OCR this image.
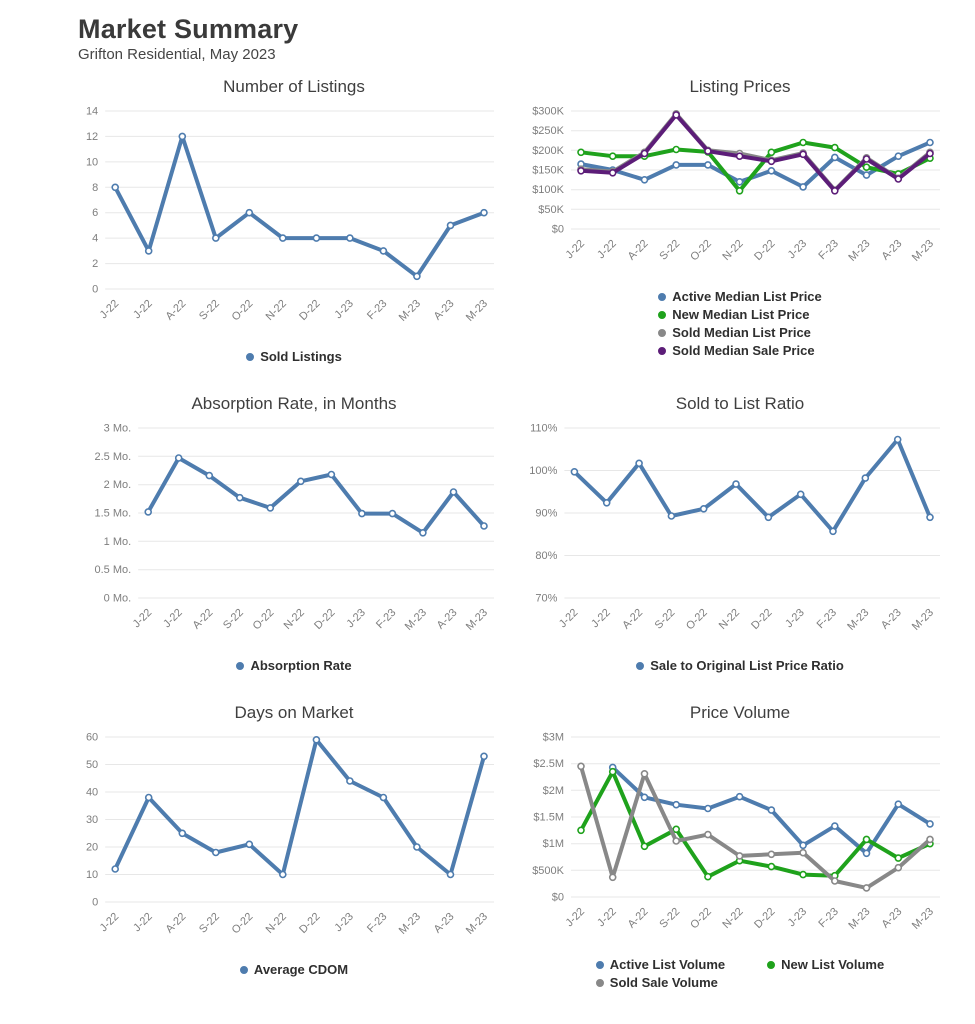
Market Summary
Grifton Residential, May 2023
Number of Listings
0
2
4
6
8
10
12
14
J-22 J-22 A-22 S-22 O-22 N-22 D-22 J-23 F-23 M-23 A-23 M-23
Sold Listings
Listing Prices
$0
$50K
$100K
$150K
$200K
$250K
$300K
J-22 J-22 A-22 S-22 O-22 N-22 D-22 J-23 F-23 M-23 A-23 M-23
Active Median List Price
New Median List Price
Sold Median List Price
Sold Median Sale Price
Absorption Rate, in Months
0 Mo.
0.5 Mo.
1 Mo.
1.5 Mo.
2 Mo.
2.5 Mo.
3 Mo.
J-22 J-22 A-22 S-22 O-22 N-22 D-22 J-23 F-23 M-23 A-23 M-23
Absorption Rate
Sold to List Ratio
70%
80%
90%
100%
110%
J-22 J-22 A-22 S-22 O-22 N-22 D-22 J-23 F-23 M-23 A-23 M-23
Sale to Original List Price Ratio
Days on Market
0
10
20
30
40
50
60
J-22 J-22 A-22 S-22 O-22 N-22 D-22 J-23 F-23 M-23 A-23 M-23
Average CDOM
Price Volume
$0
$500K
$1M
$1.5M
$2M
$2.5M
$3M
J-22 J-22 A-22 S-22 O-22 N-22 D-22 J-23 F-23 M-23 A-23 M-23
Active List Volume	New List Volume
Sold Sale Volume
